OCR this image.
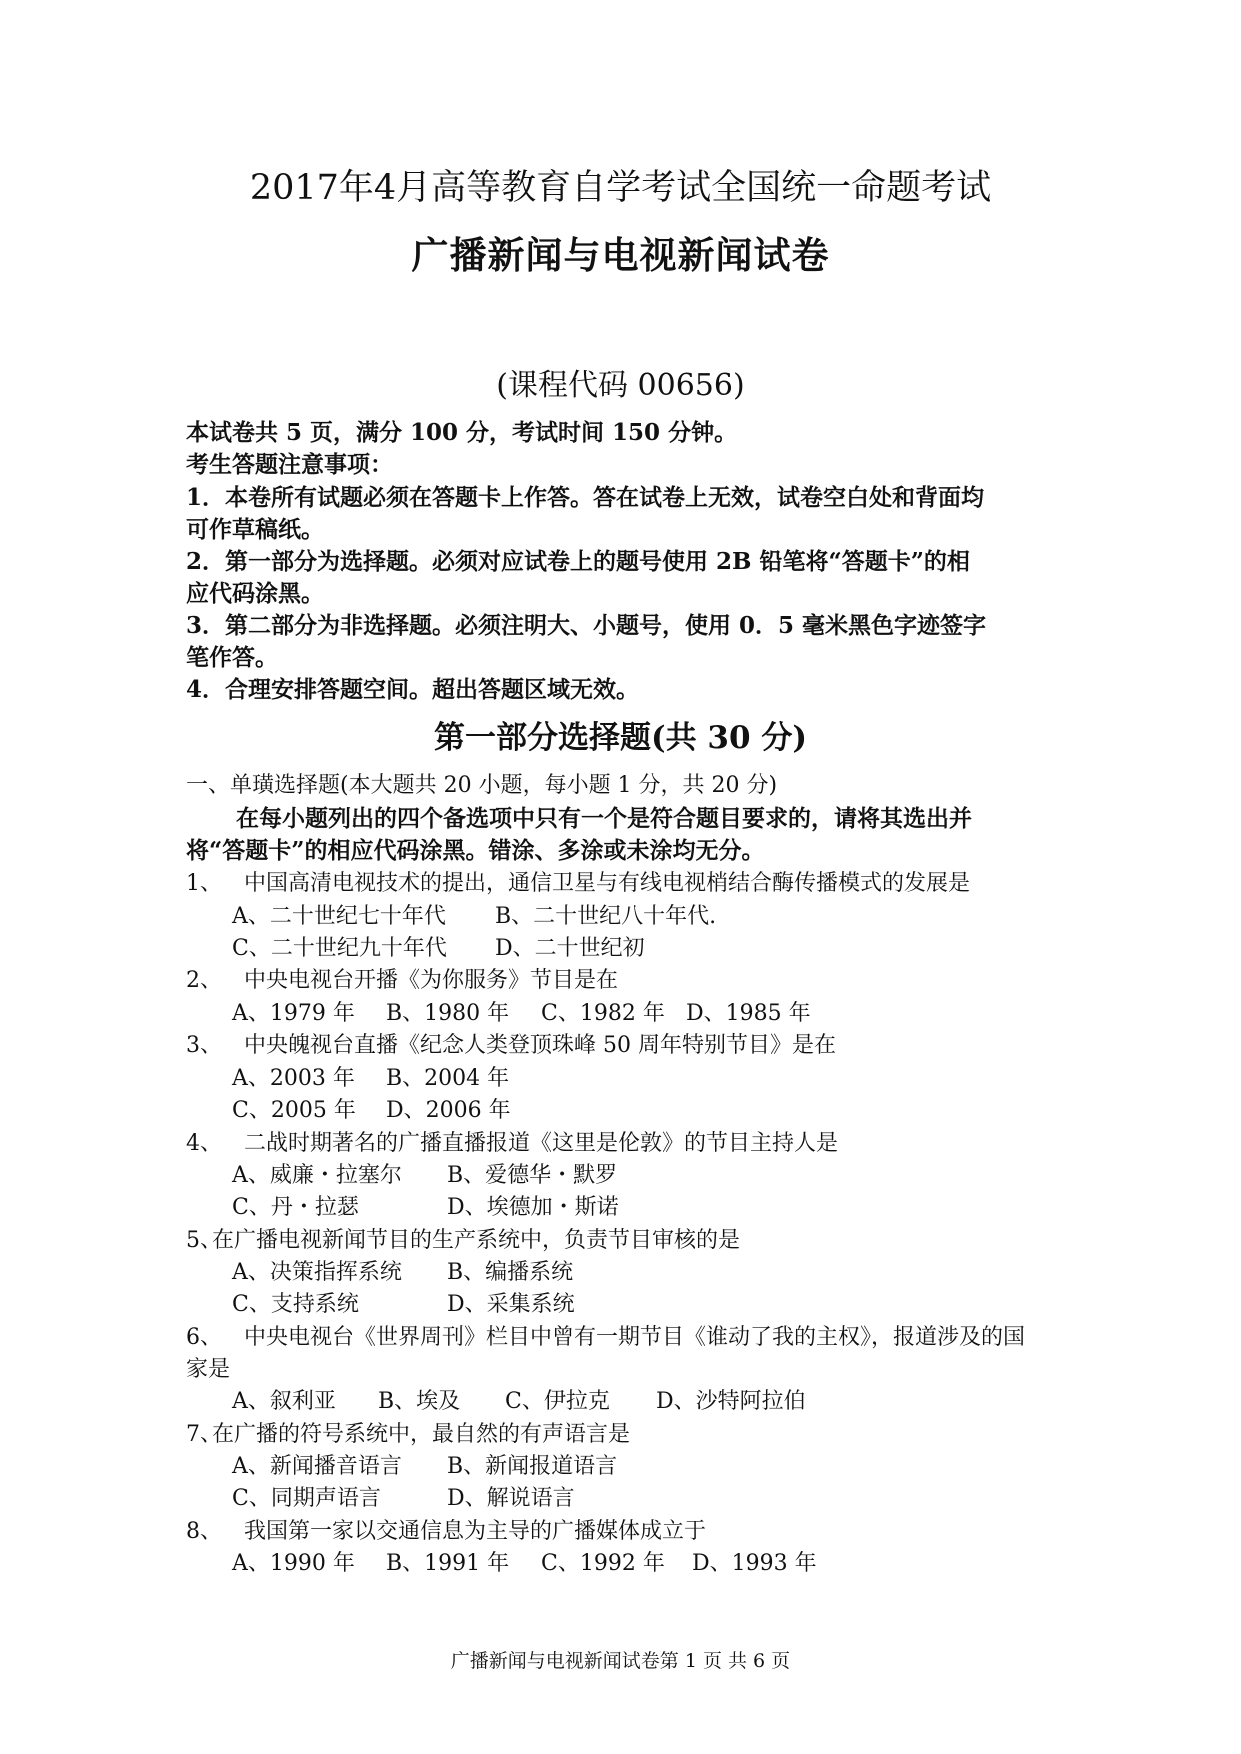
2017年4月高等教育自学考试全国统一命题考试
广播新闻与电视新闻试卷
(课程代码 00656)
本试卷共 5 页，满分 100 分，考试时间 150 分钟。
考生答题注意事项：
1．本卷所有试题必须在答题卡上作答。答在试卷上无效，试卷空白处和背面均
可作草稿纸。
2．第一部分为选择题。必须对应试卷上的题号使用 2B 铅笔将“答题卡”的相
应代码涂黑。
3．第二部分为非选择题。必须注明大、小题号，使用 0．5 毫米黑色字迹签字
笔作答。
4．合理安排答题空间。超出答题区域无效。
第一部分选择题(共 30 分)
一、单璜选择题(本大题共 20 小题，每小题 1 分，共 20 分)
在每小题列出的四个备选项中只有一个是符合题目要求的，请将其选出并
将“答题卡”的相应代码涂黑。错涂、多涂或未涂均无分。
1、 中国高清电视技术的提出，通信卫星与有线电视梢结合酶传播模式的发展是
A、二十世纪七十年代 B、二十世纪八十年代.
C、二十世纪九十年代 D、二十世纪初
2、 中央电视台开播《为你服务》节目是在
A、1979 年 B、1980 年 C、1982 年 D、1985 年
3、 中央魄视台直播《纪念人类登顶珠峰 50 周年特别节目》是在
A、2003 年 B、2004 年
C、2005 年 D、2006 年
4、 二战时期著名的广播直播报道《这里是伦敦》的节目主持人是
A、威廉・拉塞尔 B、爱德华・默罗
C、丹・拉瑟	D、埃德加・斯诺
5、
在广播电视新闻节目的生产系统中，负责节目审核的是
A、决策指挥系统 B、编播系统
C、支持系统	D、采集系统
6、 中央电视台《世界周刊》栏目中曾有一期节目《谁动了我的主权》，报道涉及的国
家是
A、叙利亚 B、埃及 C、伊拉克 D、沙特阿拉伯
7、
在广播的符号系统中，最自然的有声语言是
A、新闻播音语言 B、新闻报道语言
C、同期声语言	D、解说语言
8、 我国第一家以交通信息为主导的广播媒体成立于
A、1990 年 B、1991 年 C、1992 年 D、1993 年
广播新闻与电视新闻试卷第 1 页 共 6 页
